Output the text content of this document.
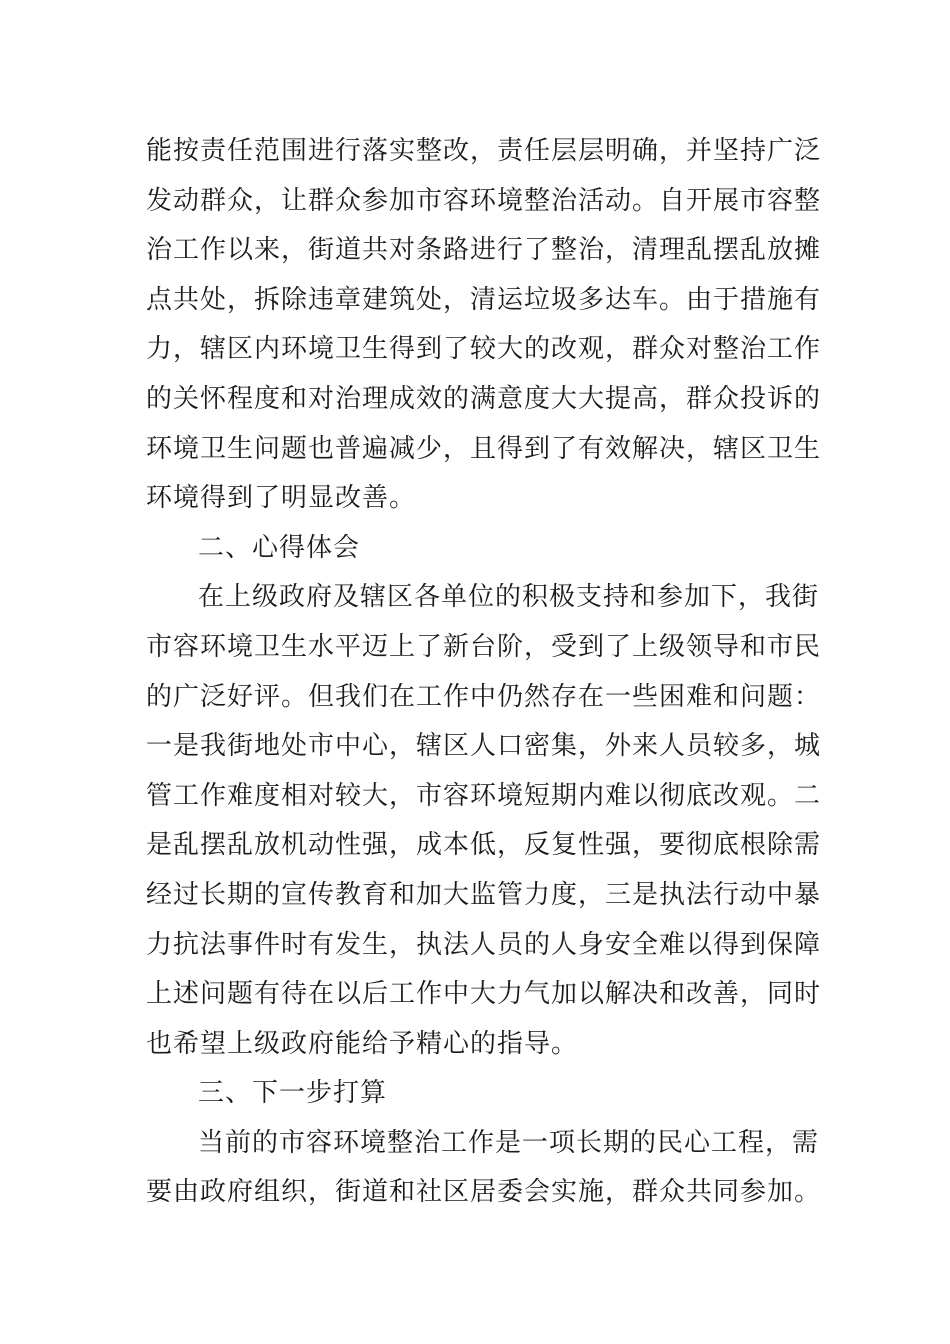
能按责任范围进行落实整改，责任层层明确，并坚持广泛
发动群众，让群众参加市容环境整治活动。自开展市容整
治工作以来，街道共对条路进行了整治，清理乱摆乱放摊
点共处，拆除违章建筑处，清运垃圾多达车。由于措施有
力，辖区内环境卫生得到了较大的改观，群众对整治工作
的关怀程度和对治理成效的满意度大大提高，群众投诉的
环境卫生问题也普遍减少，且得到了有效解决，辖区卫生
环境得到了明显改善。
二、心得体会
在上级政府及辖区各单位的积极支持和参加下，我街
市容环境卫生水平迈上了新台阶，受到了上级领导和市民
的广泛好评。但我们在工作中仍然存在一些困难和问题：
一是我街地处市中心，辖区人口密集，外来人员较多，城
管工作难度相对较大，市容环境短期内难以彻底改观。二
是乱摆乱放机动性强，成本低，反复性强，要彻底根除需
经过长期的宣传教育和加大监管力度，三是执法行动中暴
力抗法事件时有发生，执法人员的人身安全难以得到保障
上述问题有待在以后工作中大力气加以解决和改善，同时
也希望上级政府能给予精心的指导。
三、下一步打算
当前的市容环境整治工作是一项长期的民心工程，需
要由政府组织，街道和社区居委会实施，群众共同参加。
